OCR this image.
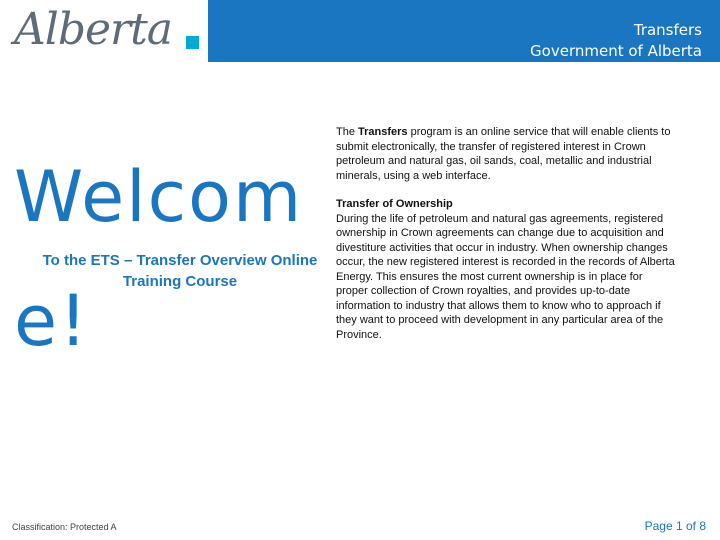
Alberta	Transfers
Government of Alberta
Welcome!
To the ETS – Transfer Overview Online Training Course

The Transfers program is an online service that will enable clients to submit electronically, the transfer of registered interest in Crown petroleum and natural gas, oil sands, coal, metallic and industrial minerals, using a web interface.

Transfer of Ownership
During the life of petroleum and natural gas agreements, registered ownership in Crown agreements can change due to acquisition and divestiture activities that occur in industry. When ownership changes occur, the new registered interest is recorded in the records of Alberta Energy. This ensures the most current ownership is in place for proper collection of Crown royalties, and provides up-to-date information to industry that allows them to know who to approach if they want to proceed with development in any particular area of the Province.
Classification: Protected A	Page 1 of 8
